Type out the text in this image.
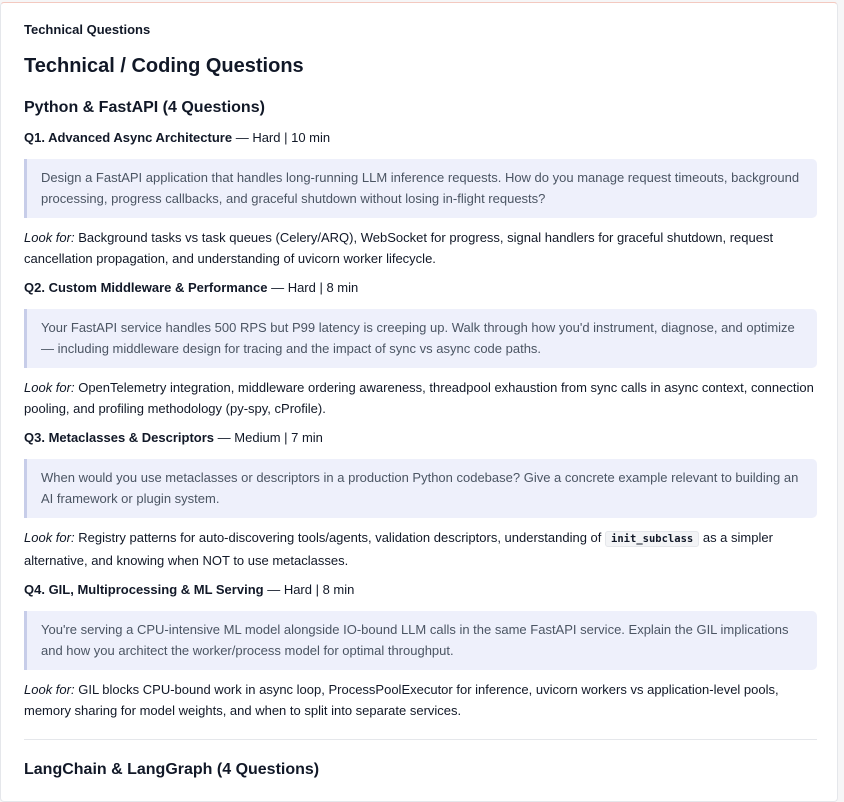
Technical Questions

Technical / Coding Questions
Python & FastAPI (4 Questions)

Q1. Advanced Async Architecture — Hard | 10 min

Design a FastAPI application that handles long-running LLM inference requests. How do you manage request timeouts, background processing, progress callbacks, and graceful shutdown without losing in-flight requests?

Look for: Background tasks vs task queues (Celery/ARQ), WebSocket for progress, signal handlers for graceful shutdown, request cancellation propagation, and understanding of uvicorn worker lifecycle.

Q2. Custom Middleware & Performance — Hard | 8 min

Your FastAPI service handles 500 RPS but P99 latency is creeping up. Walk through how you'd instrument, diagnose, and optimize — including middleware design for tracing and the impact of sync vs async code paths.

Look for: OpenTelemetry integration, middleware ordering awareness, threadpool exhaustion from sync calls in async context, connection pooling, and profiling methodology (py-spy, cProfile).

Q3. Metaclasses & Descriptors — Medium | 7 min

When would you use metaclasses or descriptors in a production Python codebase? Give a concrete example relevant to building an AI framework or plugin system.

Look for: Registry patterns for auto-discovering tools/agents, validation descriptors, understanding of init_subclass as a simpler alternative, and knowing when NOT to use metaclasses.

Q4. GIL, Multiprocessing & ML Serving — Hard | 8 min

You're serving a CPU-intensive ML model alongside IO-bound LLM calls in the same FastAPI service. Explain the GIL implications and how you architect the worker/process model for optimal throughput.

Look for: GIL blocks CPU-bound work in async loop, ProcessPoolExecutor for inference, uvicorn workers vs application-level pools, memory sharing for model weights, and when to split into separate services.

LangChain & LangGraph (4 Questions)
